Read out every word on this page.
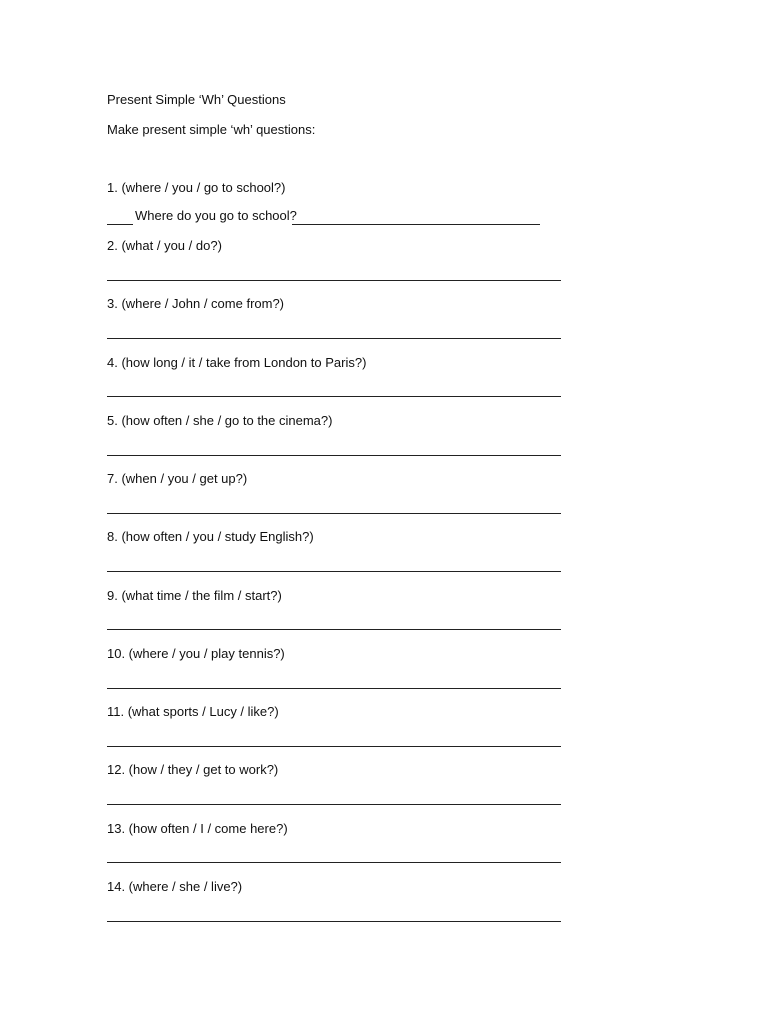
Present Simple ‘Wh’ Questions
Make present simple ‘wh’ questions:
1. (where / you / go to school?)
Where do you go to school?
2. (what / you / do?)
3. (where / John / come from?)
4. (how long / it / take from London to Paris?)
5. (how often / she / go to the cinema?)
7. (when / you / get up?)
8. (how often / you / study English?)
9. (what time / the film / start?)
10. (where / you / play tennis?)
11. (what sports / Lucy / like?)
12. (how / they / get to work?)
13. (how often / I / come here?)
14. (where / she / live?)
